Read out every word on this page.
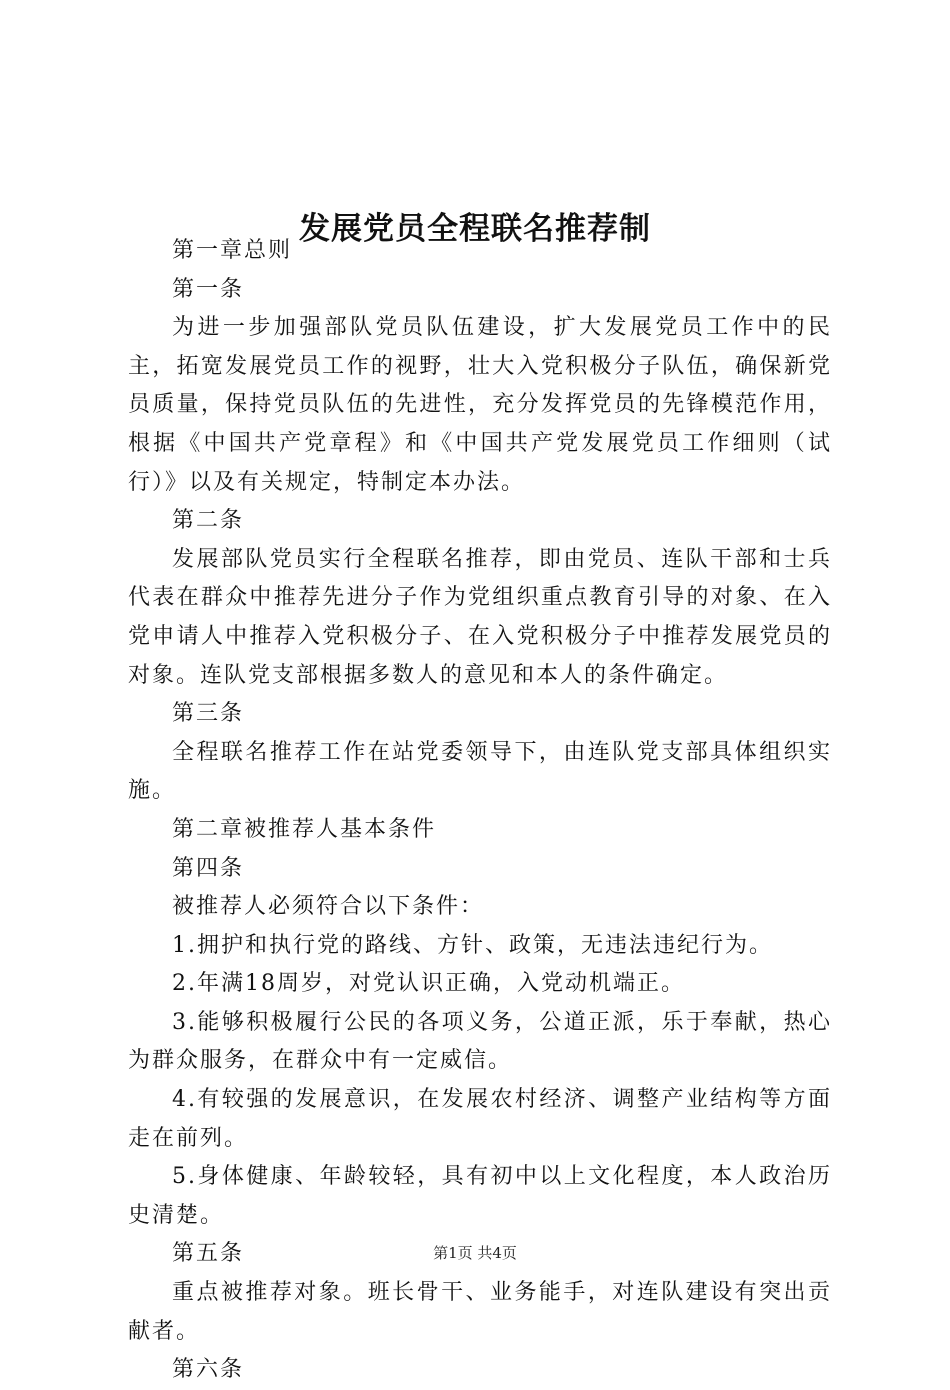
发展党员全程联名推荐制

第一章总则

第一条

为进一步加强部队党员队伍建设，扩大发展党员工作中的民主，拓宽发展党员工作的视野，壮大入党积极分子队伍，确保新党员质量，保持党员队伍的先进性，充分发挥党员的先锋模范作用，根据《中国共产党章程》和《中国共产党发展党员工作细则（试行）》以及有关规定，特制定本办法。

第二条

发展部队党员实行全程联名推荐，即由党员、连队干部和士兵代表在群众中推荐先进分子作为党组织重点教育引导的对象、在入党申请人中推荐入党积极分子、在入党积极分子中推荐发展党员的对象。连队党支部根据多数人的意见和本人的条件确定。

第三条

全程联名推荐工作在站党委领导下，由连队党支部具体组织实施。

第二章被推荐人基本条件

第四条

被推荐人必须符合以下条件：

1.拥护和执行党的路线、方针、政策，无违法违纪行为。

2.年满18周岁，对党认识正确，入党动机端正。

3.能够积极履行公民的各项义务，公道正派，乐于奉献，热心为群众服务，在群众中有一定威信。

4.有较强的发展意识，在发展农村经济、调整产业结构等方面走在前列。

5.身体健康、年龄较轻，具有初中以上文化程度，本人政治历史清楚。

第五条

重点被推荐对象。班长骨干、业务能手，对连队建设有突出贡献者。

第六条

第1页 共4页
